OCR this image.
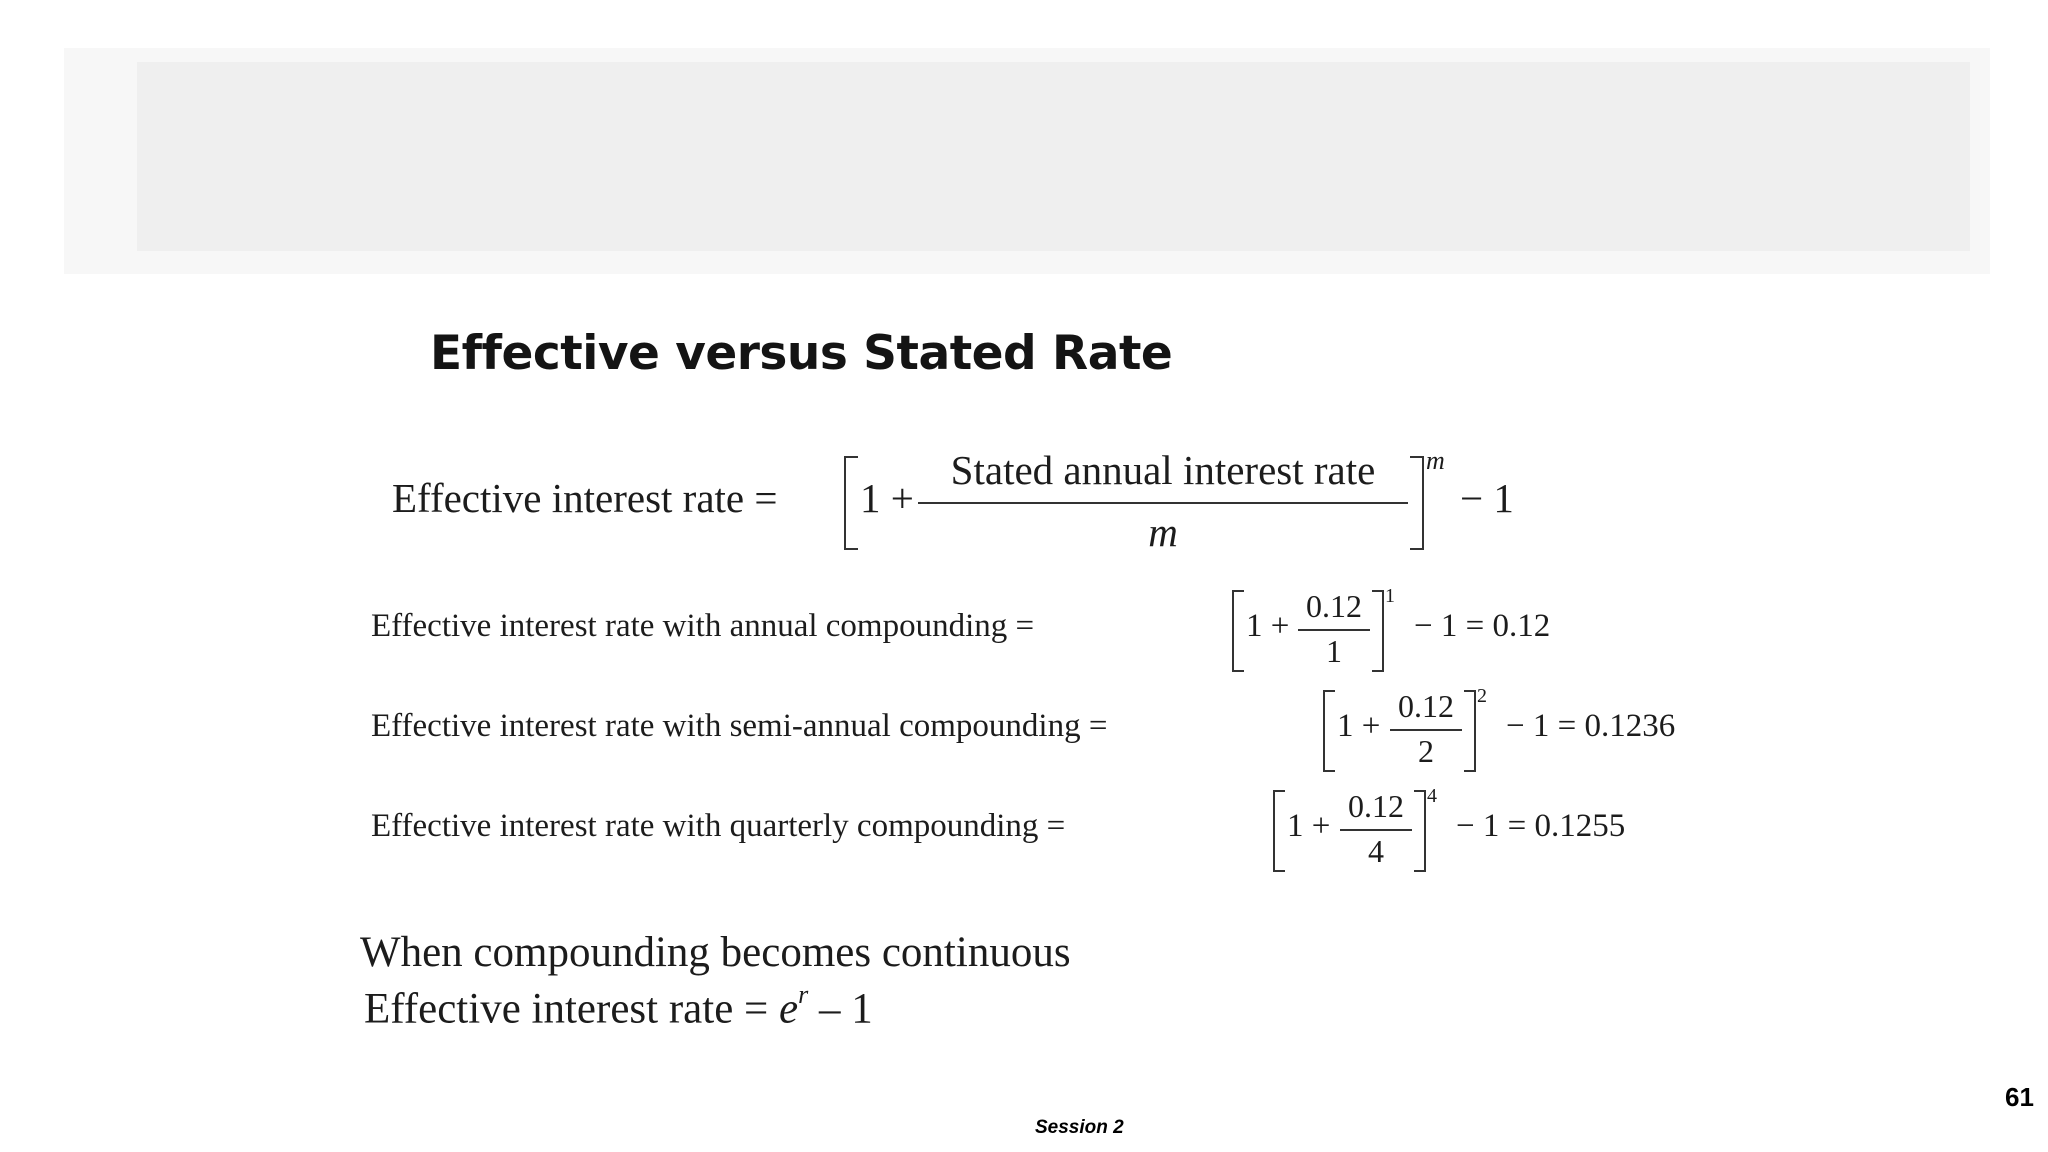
Effective versus Stated Rate
Effective interest rate = 1 +
Stated annual interest rate
m
m
− 1
Effective interest rate with annual compounding =	1 +
0.12
1
1
− 1 = 0.12
Effective interest rate with semi-annual compounding =	1 +
0.12
2
2
− 1 = 0.1236
Effective interest rate with quarterly compounding =	1 +
0.12
4
4
− 1 = 0.1255
When compounding becomes continuous
Effective interest rate = $e^r - 1$
Session 2
61
